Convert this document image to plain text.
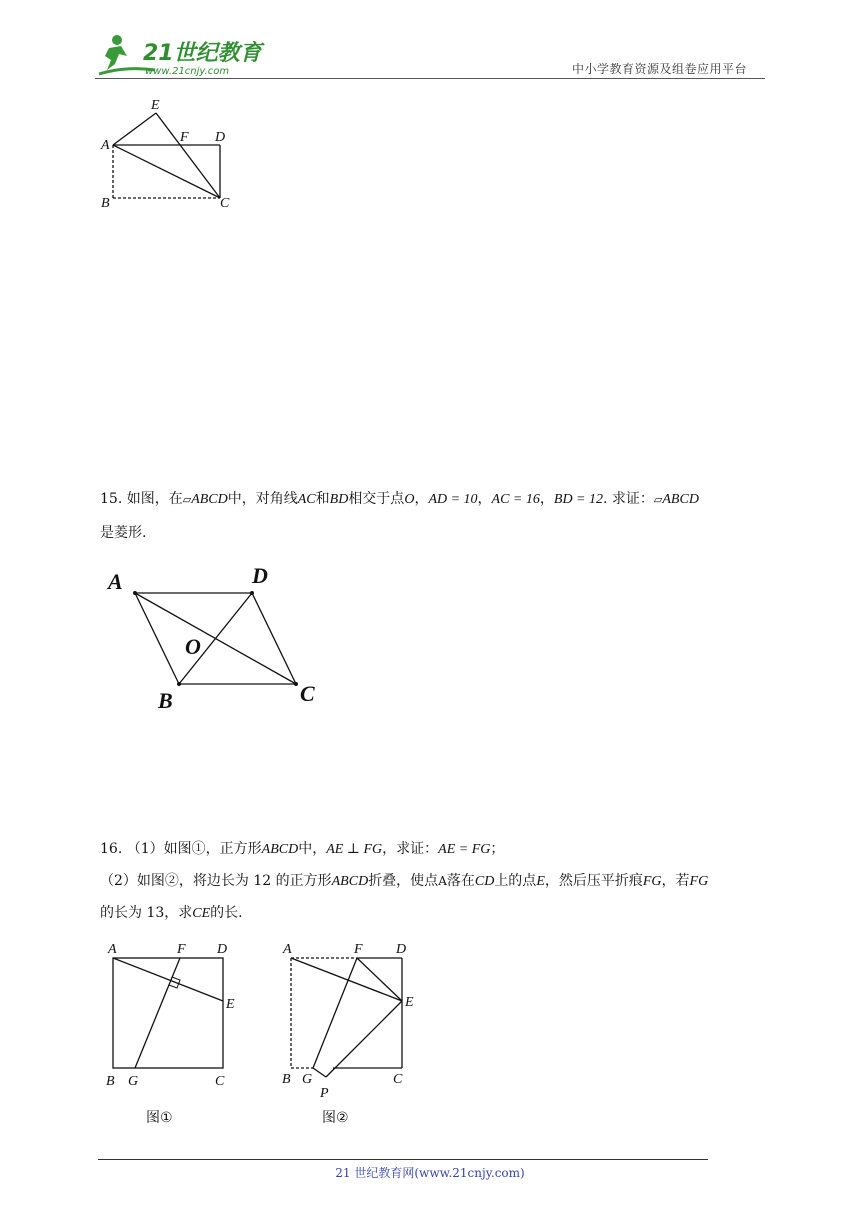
21世纪教育
www.21cnjy.com	中小学教育资源及组卷应用平台
E
F D
A
B	C
15. 如图，在▱ABCD中，对角线AC和BD相交于点O，AD = 10，AC = 16，BD = 12. 求证：▱ABCD
是菱形.
A	D
O
B	C
16. （1）如图①，正方形ABCD中，AE ⊥ FG，求证：AE = FG；
（2）如图②，将边长为 12 的正方形ABCD折叠，使点A落在CD上的点E，然后压平折痕FG，若FG
的长为 13，求CE的长.
A	F D
E
B G	C
图①
A	F D
E
B G
P
C
图②
21 世纪教育网(www.21cnjy.com)
